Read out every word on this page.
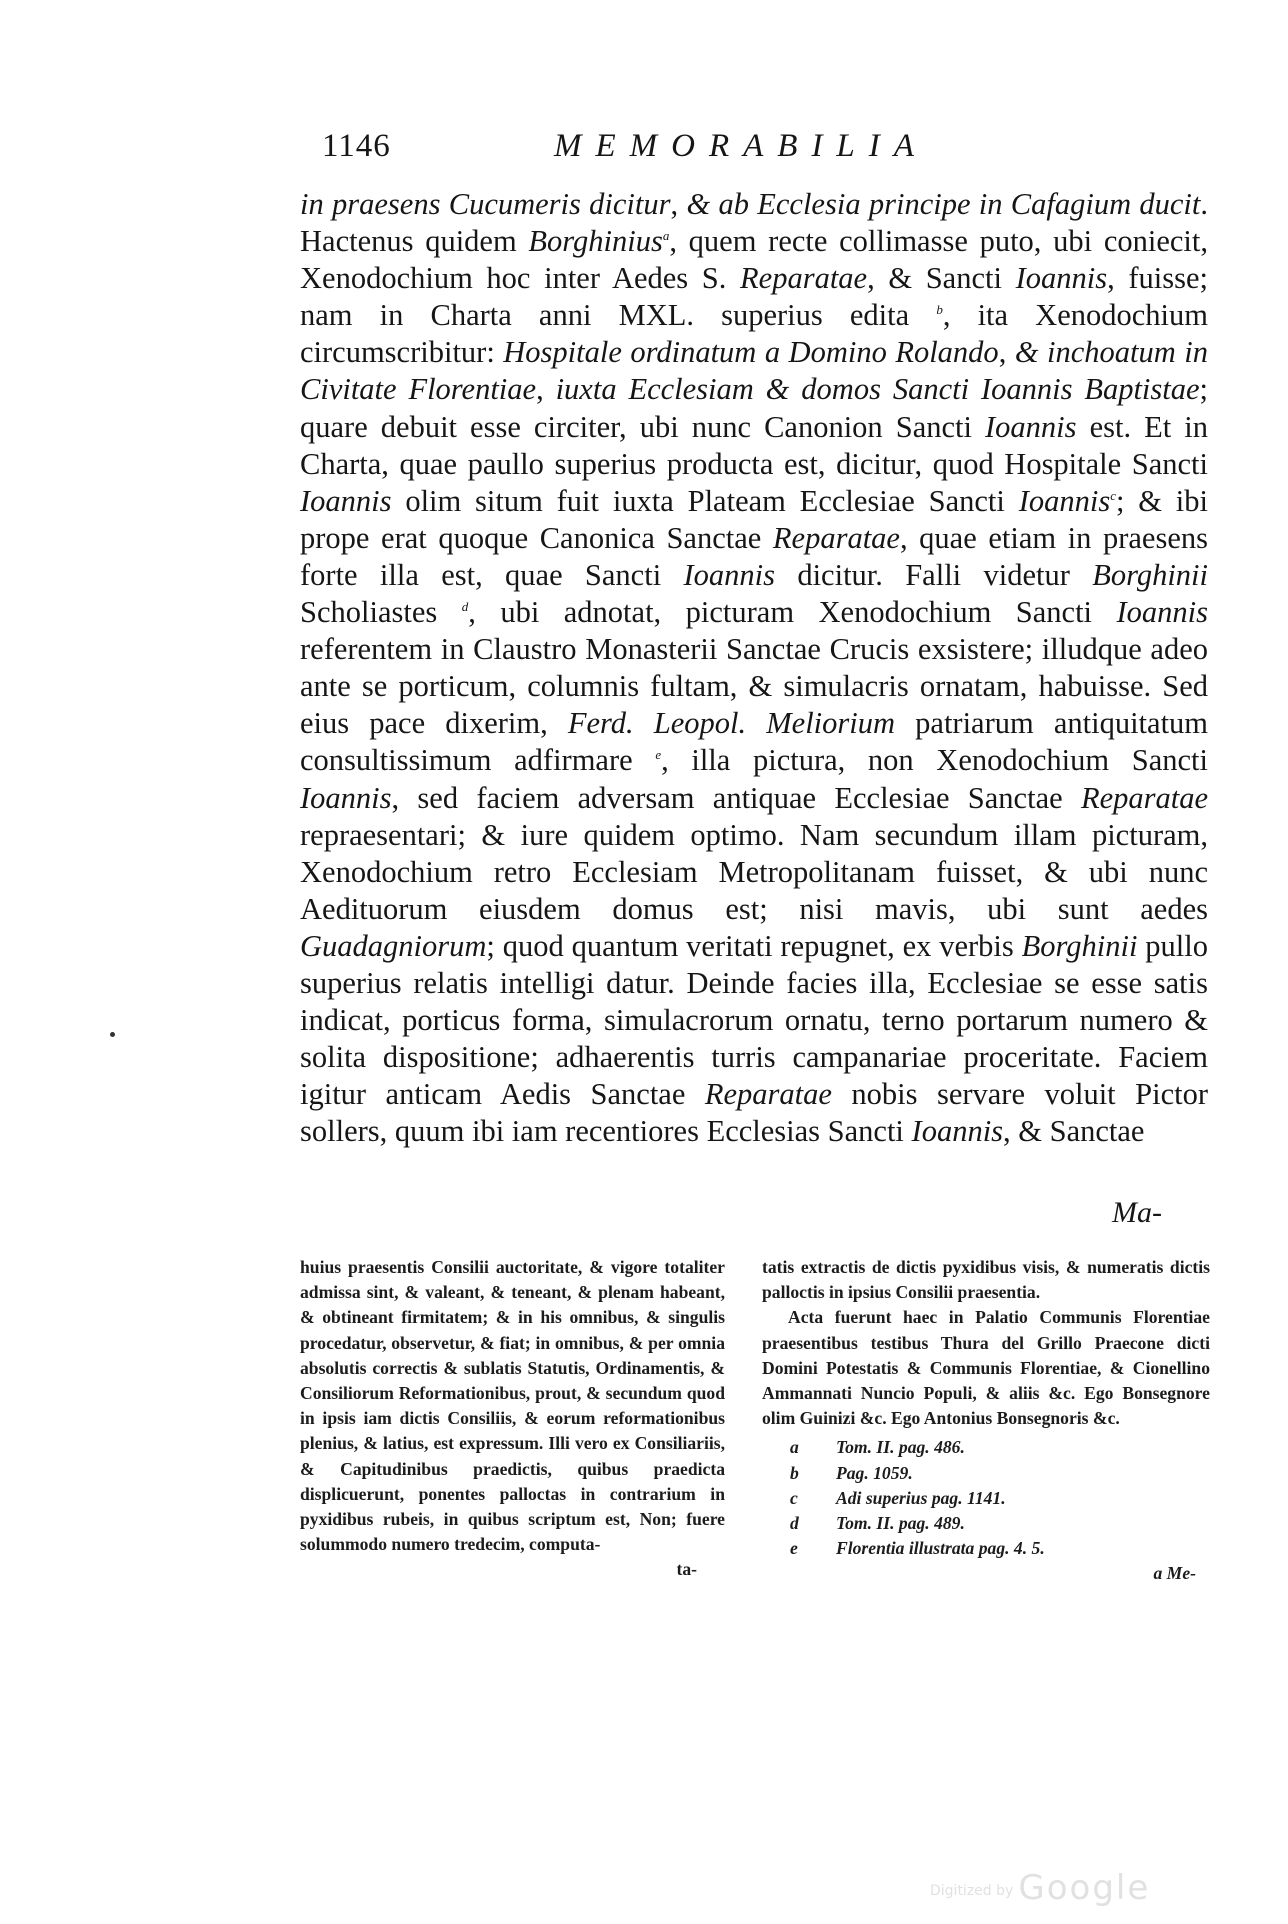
1146	MEMORABILIA

in praesens Cucumeris dicitur, & ab Ecclesia principe in Cafagium ducit. Hactenus quidem Borghinius$^a$, quem recte collimasse puto, ubi coniecit, Xenodochium hoc inter Aedes S. Reparatae, & Sancti Ioannis, fuisse; nam in Charta anni MXL. superius edita $^b$, ita Xenodochium circumscribitur: Hospitale ordinatum a Domino Rolando, & inchoatum in Civitate Florentiae, iuxta Ecclesiam & domos Sancti Ioannis Baptistae; quare debuit esse circiter, ubi nunc Canonion Sancti Ioannis est. Et in Charta, quae paullo superius producta est, dicitur, quod Hospitale Sancti Ioannis olim situm fuit iuxta Plateam Ecclesiae Sancti Ioannis$^c$; & ibi prope erat quoque Canonica Sanctae Reparatae, quae etiam in praesens forte illa est, quae Sancti Ioannis dicitur. Falli videtur Borghinii Scholiastes $^d$, ubi adnotat, picturam Xenodochium Sancti Ioannis referentem in Claustro Monasterii Sanctae Crucis exsistere; illudque adeo ante se porticum, columnis fultam, & simulacris ornatam, habuisse. Sed eius pace dixerim, Ferd. Leopol. Meliorium patriarum antiquitatum consultissimum adfirmare $^e$, illa pictura, non Xenodochium Sancti Ioannis, sed faciem adversam antiquae Ecclesiae Sanctae Reparatae repraesentari; & iure quidem optimo. Nam secundum illam picturam, Xenodochium retro Ecclesiam Metropolitanam fuisset, & ubi nunc Aedituorum eiusdem domus est; nisi mavis, ubi sunt aedes Guadagniorum; quod quantum veritati repugnet, ex verbis Borghinii pullo superius relatis intelligi datur. Deinde facies illa, Ecclesiae se esse satis indicat, porticus forma, simulacrorum ornatu, terno portarum numero & solita dispositione; adhaerentis turris campanariae proceritate. Faciem igitur anticam Aedis Sanctae Reparatae nobis servare voluit Pictor sollers, quum ibi iam recentiores Ecclesias Sancti Ioannis, & Sanctae

Ma-

huius praesentis Consilii auctoritate, & vigore totaliter admissa sint, & valeant, & teneant, & plenam habeant, & obtineant firmitatem; & in his omnibus, & singulis procedatur, observetur, & fiat; in omnibus, & per omnia absolutis correctis & sublatis Statutis, Ordinamentis, & Consiliorum Reformationibus, prout, & secundum quod in ipsis iam dictis Consiliis, & eorum reformationibus plenius, & latius, est expressum. Illi vero ex Consiliariis, & Capitudinibus praedictis, quibus praedicta displicuerunt, ponentes palloctas in contrarium in pyxidibus rubeis, in quibus scriptum est, Non; fuere solummodo numero tredecim, computa-

ta-

tatis extractis de dictis pyxidibus visis, & numeratis dictis palloctis in ipsius Consilii praesentia.

Acta fuerunt haec in Palatio Communis Florentiae praesentibus testibus Thura del Grillo Praecone dicti Domini Potestatis & Communis Florentiae, & Cionellino Ammannati Nuncio Populi, & aliis &c. Ego Bonsegnore olim Guinizi &c. Ego Antonius Bonsegnoris &c.

a Tom. II. pag. 486.
b Pag. 1059.
c Adi superius pag. 1141.
d Tom. II. pag. 489.
e Florentia illustrata pag. 4. 5.

a Me-

Digitized by Google
